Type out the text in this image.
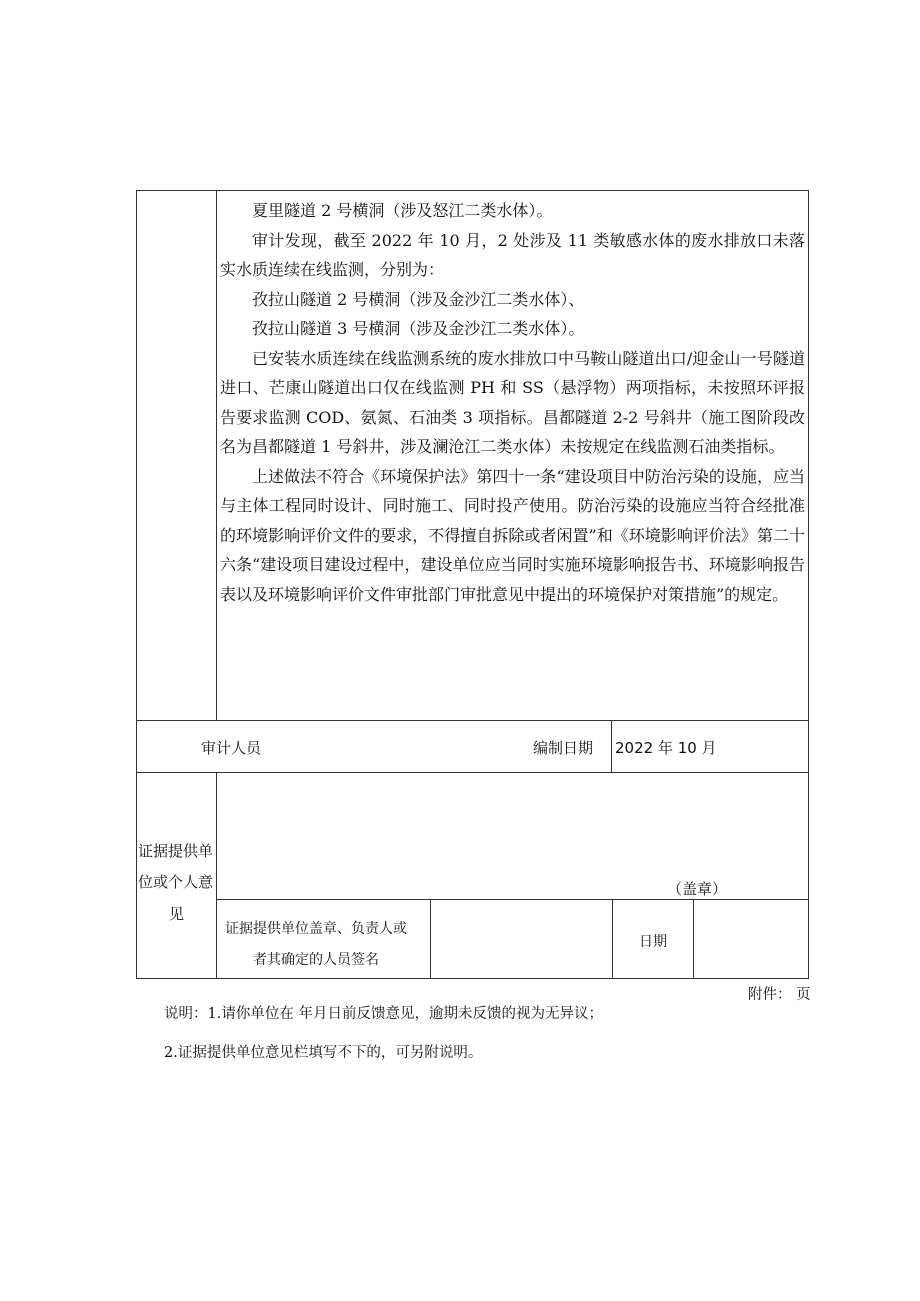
夏里隧道 2 号横洞（涉及怒江二类水体）。

审计发现，截至 2022 年 10 月，2 处涉及 11 类敏感水体的废水排放口未落实水质连续在线监测，分别为：

孜拉山隧道 2 号横洞（涉及金沙江二类水体）、

孜拉山隧道 3 号横洞（涉及金沙江二类水体）。

已安装水质连续在线监测系统的废水排放口中马鞍山隧道出口/迎金山一号隧道进口、芒康山隧道出口仅在线监测 PH 和 SS（悬浮物）两项指标，未按照环评报告要求监测 COD、氨氮、石油类 3 项指标。昌都隧道 2-2 号斜井（施工图阶段改名为昌都隧道 1 号斜井，涉及澜沧江二类水体）未按规定在线监测石油类指标。

上述做法不符合《环境保护法》第四十一条“建设项目中防治污染的设施，应当与主体工程同时设计、同时施工、同时投产使用。防治污染的设施应当符合经批准的环境影响评价文件的要求，不得擅自拆除或者闲置”和《环境影响评价法》第二十六条“建设项目建设过程中，建设单位应当同时实施环境影响报告书、环境影响报告表以及环境影响评价文件审批部门审批意见中提出的环境保护对策措施”的规定。

审计人员	编制日期 2022 年 10 月
证据提供单
位或个人意
见
（盖章）
证据提供单位盖章、负责人或
者其确定的人员签名
日期
附件： 页
说明：1.请你单位在 年月日前反馈意见，逾期未反馈的视为无异议；
2.证据提供单位意见栏填写不下的，可另附说明。
